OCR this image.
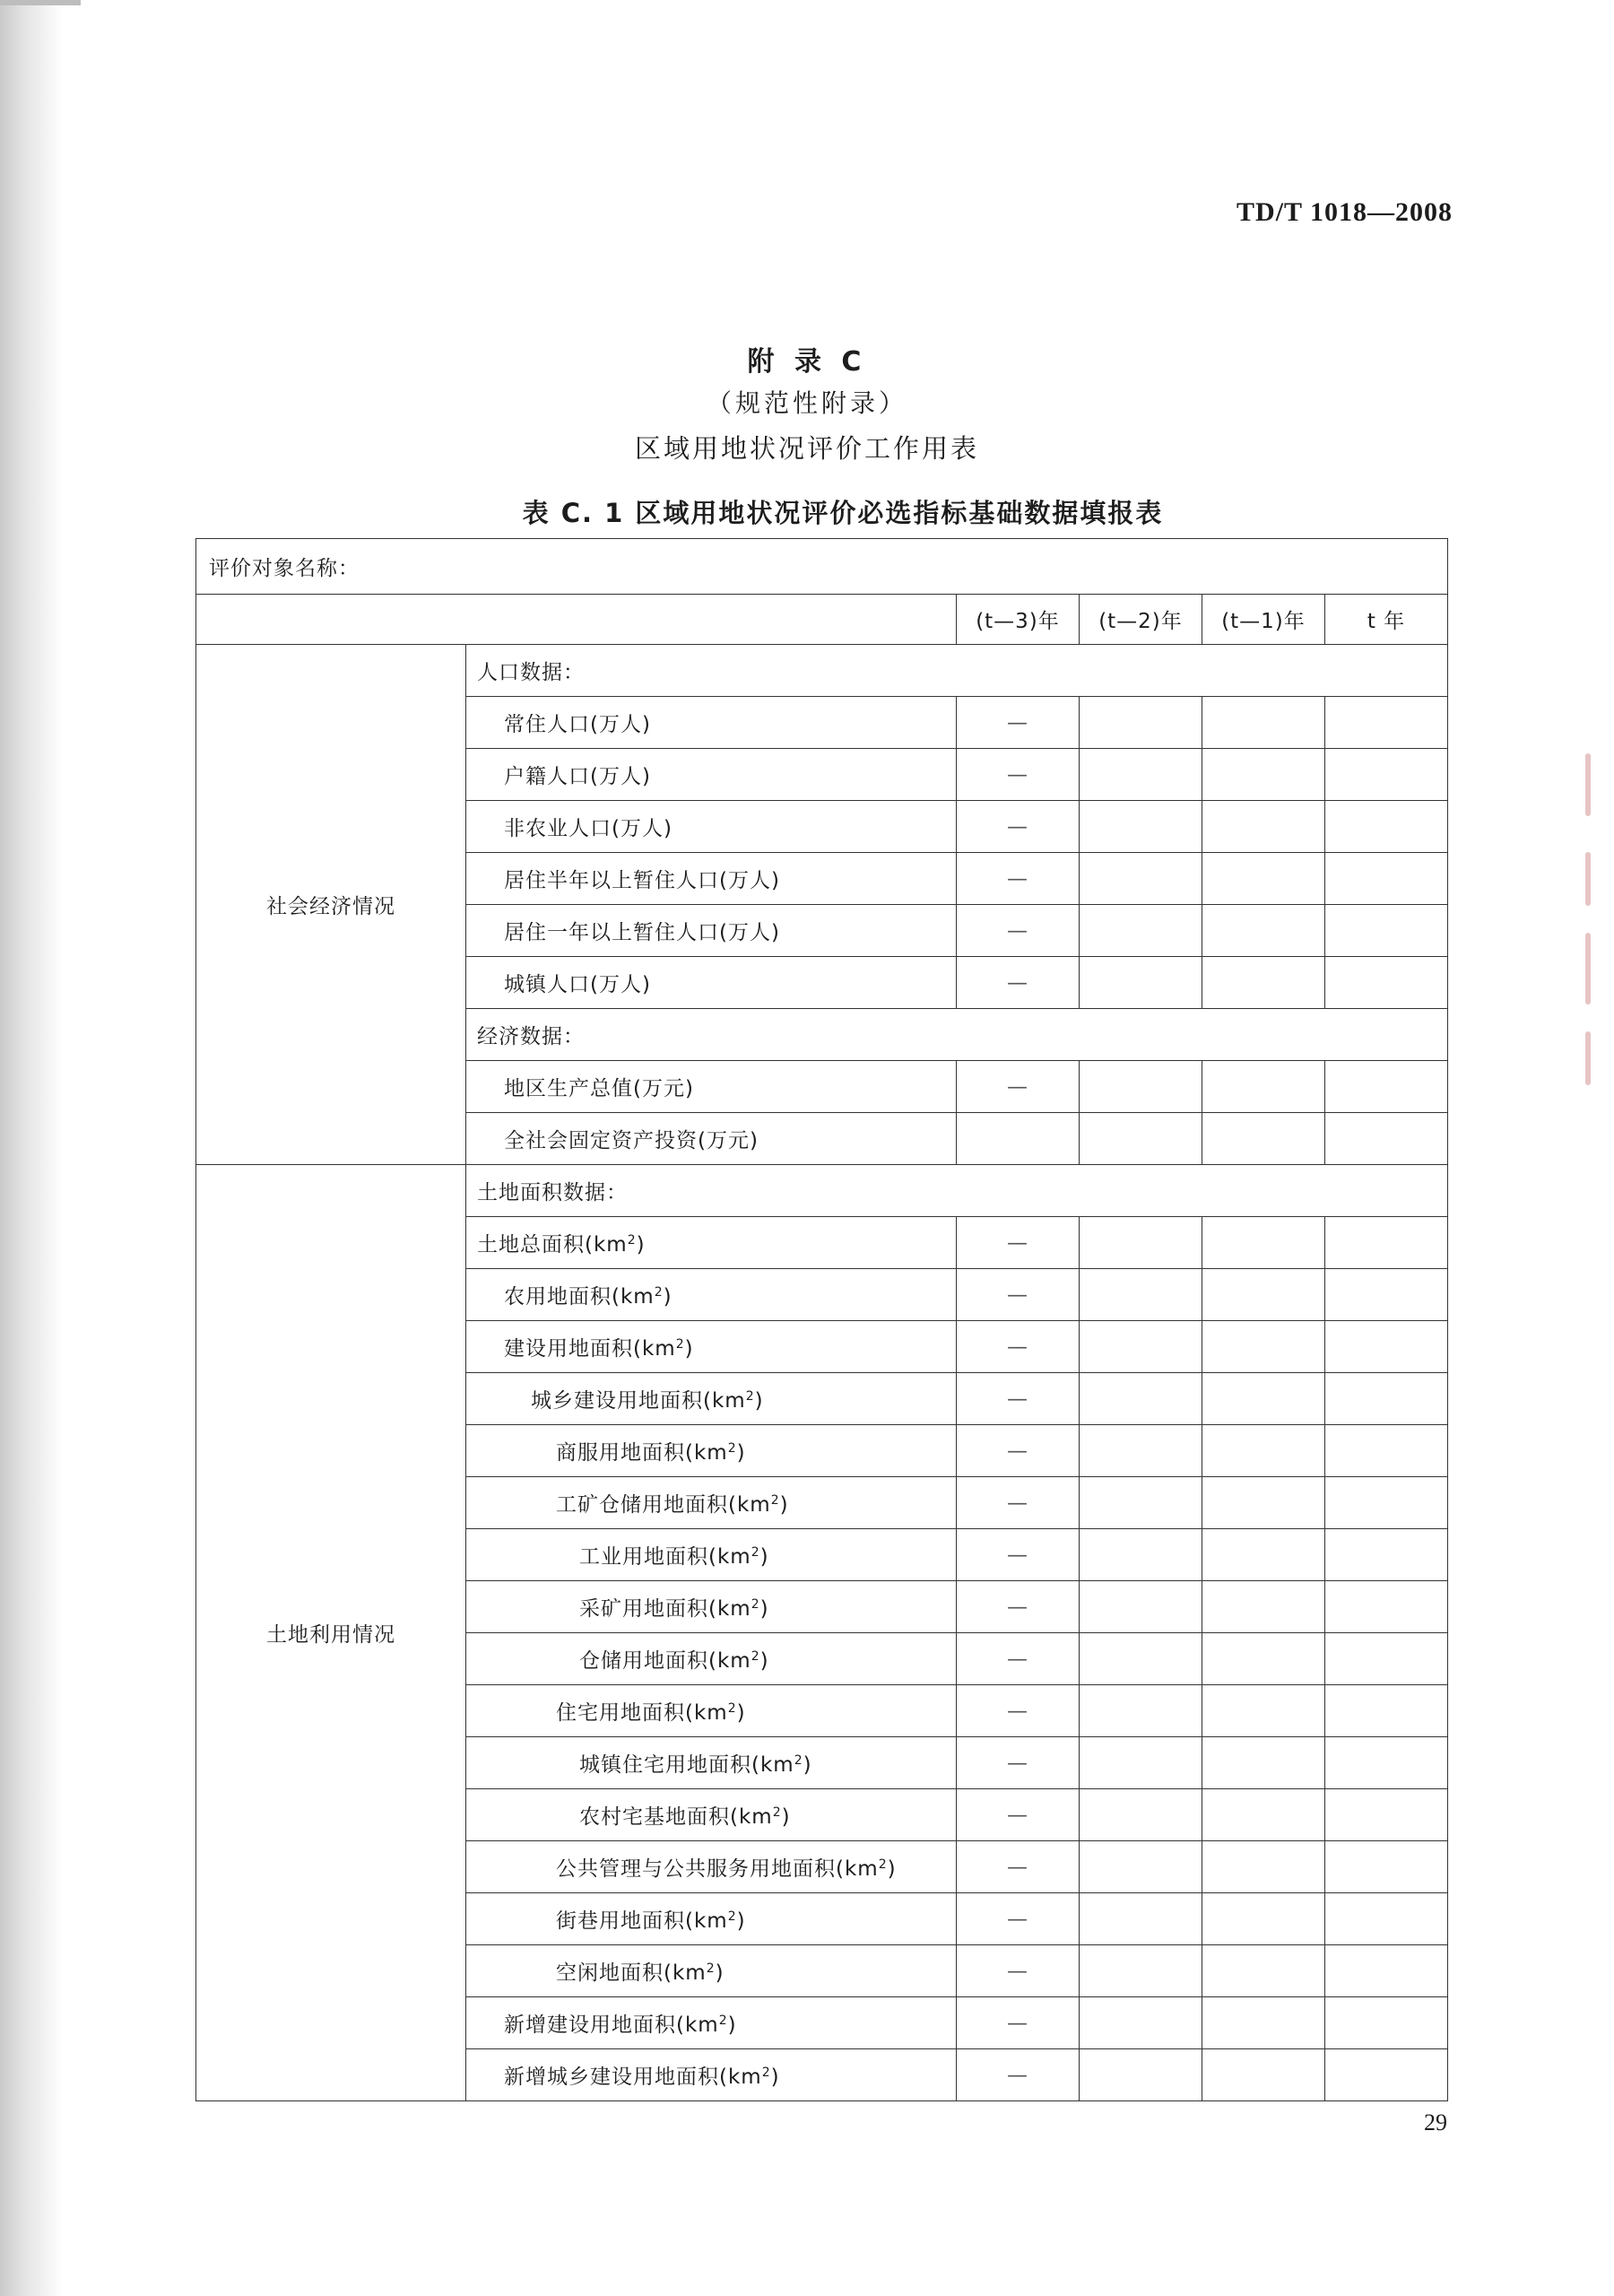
TD/T 1018—2008
附 录 C
（规范性附录）
区域用地状况评价工作用表
表 C. 1 区域用地状况评价必选指标基础数据填报表
评价对象名称：					
		(t—3)年	(t—2)年	(t—1)年	t 年
社会经济情况	人口数据：				
	常住人口(万人)	—			
	户籍人口(万人)	—			
	非农业人口(万人)	—			
	居住半年以上暂住人口(万人)	—			
	居住一年以上暂住人口(万人)	—			
	城镇人口(万人)	—			
	经济数据：				
	地区生产总值(万元)	—			
	全社会固定资产投资(万元)				
土地利用情况	土地面积数据：				
	土地总面积$(km^2)$	—			
	农用地面积$(km^2)$	—			
	建设用地面积$(km^2)$	—			
	城乡建设用地面积$(km^2)$	—			
	商服用地面积$(km^2)$	—			
	工矿仓储用地面积$(km^2)$	—			
	工业用地面积$(km^2)$	—			
	采矿用地面积$(km^2)$	—			
	仓储用地面积$(km^2)$	—			
	住宅用地面积$(km^2)$	—			
	城镇住宅用地面积$(km^2)$	—			
	农村宅基地面积$(km^2)$	—			
	公共管理与公共服务用地面积$(km^2)$	—			
	街巷用地面积$(km^2)$	—			
	空闲地面积$(km^2)$	—			
	新增建设用地面积$(km^2)$	—			
	新增城乡建设用地面积$(km^2)$	—			
29
